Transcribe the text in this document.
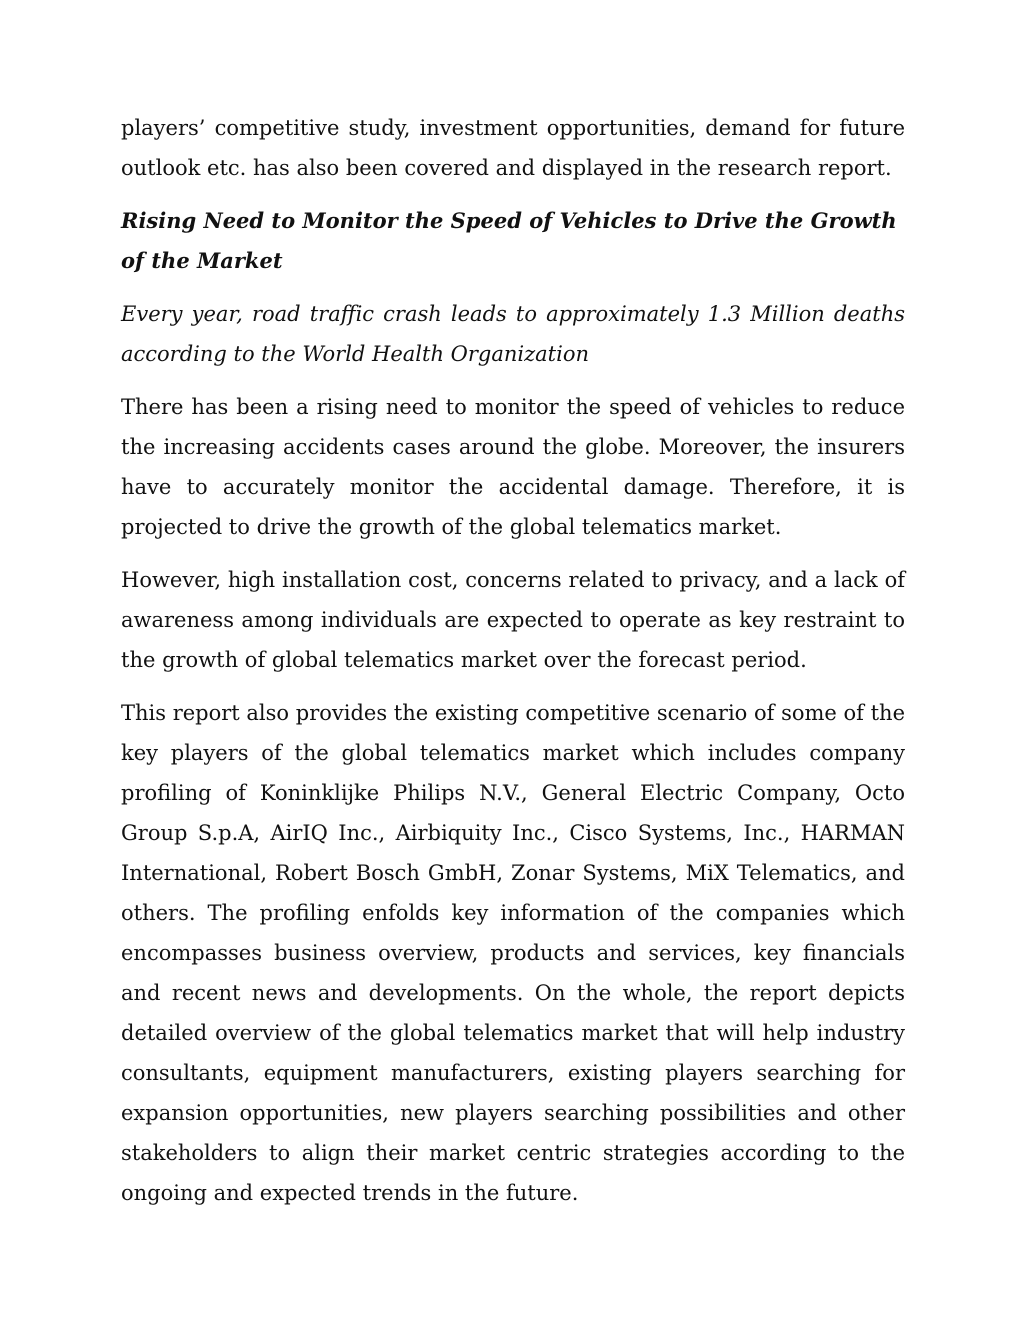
players’ competitive study, investment opportunities, demand for future outlook etc. has also been covered and displayed in the research report.

Rising Need to Monitor the Speed of Vehicles to Drive the Growth of the Market

Every year, road traffic crash leads to approximately 1.3 Million deaths according to the World Health Organization

There has been a rising need to monitor the speed of vehicles to reduce the increasing accidents cases around the globe. Moreover, the insurers have to accurately monitor the accidental damage. Therefore, it is projected to drive the growth of the global telematics market.

However, high installation cost, concerns related to privacy, and a lack of awareness among individuals are expected to operate as key restraint to the growth of global telematics market over the forecast period.

This report also provides the existing competitive scenario of some of the key players of the global telematics market which includes company profiling of Koninklijke Philips N.V., General Electric Company, Octo Group S.p.A, AirIQ Inc., Airbiquity Inc., Cisco Systems, Inc., HARMAN International, Robert Bosch GmbH, Zonar Systems, MiX Telematics, and others. The profiling enfolds key information of the companies which encompasses business overview, products and services, key financials and recent news and developments. On the whole, the report depicts detailed overview of the global telematics market that will help industry consultants, equipment manufacturers, existing players searching for expansion opportunities, new players searching possibilities and other stakeholders to align their market centric strategies according to the ongoing and expected trends in the future.
